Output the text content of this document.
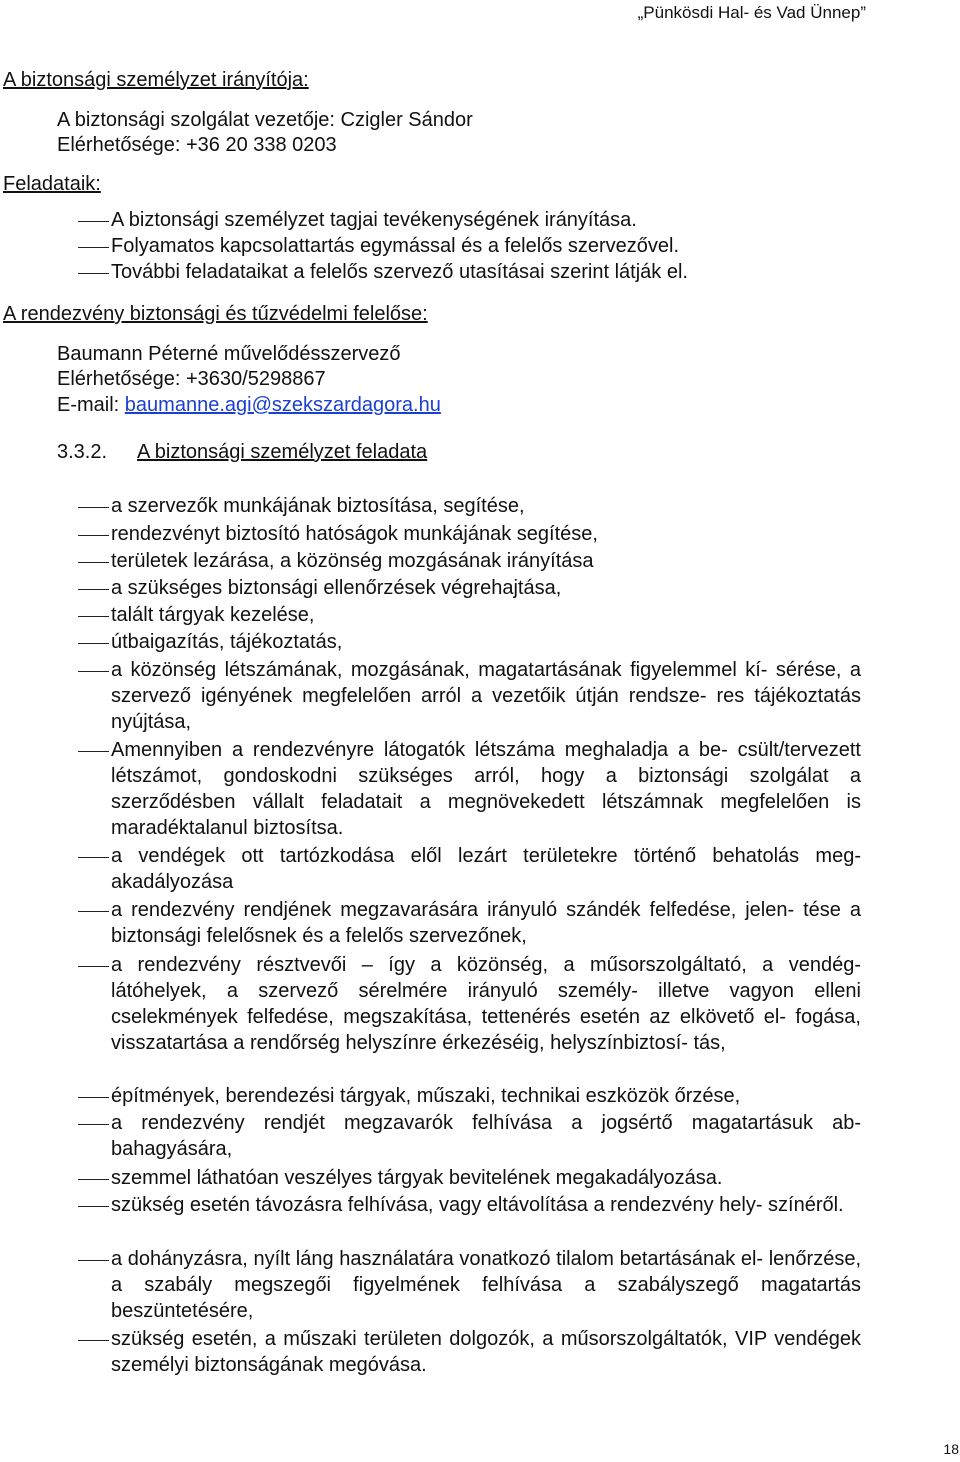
„Pünkösdi Hal- és Vad Ünnep”
A biztonsági személyzet irányítója:
A biztonsági szolgálat vezetője: Czigler Sándor
Elérhetősége: +36 20 338 0203
Feladataik:
A biztonsági személyzet tagjai tevékenységének irányítása.
Folyamatos kapcsolattartás egymással és a felelős szervezővel.
További feladataikat a felelős szervező utasításai szerint látják el.
A rendezvény biztonsági és tűzvédelmi felelőse:
Baumann Péterné művelődésszervező
Elérhetősége: +3630/5298867
E-mail: baumanne.agi@szekszardagora.hu
3.3.2. A biztonsági személyzet feladata
a szervezők munkájának biztosítása, segítése,
rendezvényt biztosító hatóságok munkájának segítése,
területek lezárása, a közönség mozgásának irányítása
a szükséges biztonsági ellenőrzések végrehajtása,
talált tárgyak kezelése,
útbaigazítás, tájékoztatás,
a közönség létszámának, mozgásának, magatartásának figyelemmel kí- sérése, a szervező igényének megfelelően arról a vezetőik útján rendsze- res tájékoztatás nyújtása,
Amennyiben a rendezvényre látogatók létszáma meghaladja a be- csült/tervezett létszámot, gondoskodni szükséges arról, hogy a biztonsági szolgálat a szerződésben vállalt feladatait a megnövekedett létszámnak megfelelően is maradéktalanul biztosítsa.
a vendégek ott tartózkodása elől lezárt területekre történő behatolás meg- akadályozása
a rendezvény rendjének megzavarására irányuló szándék felfedése, jelen- tése a biztonsági felelősnek és a felelős szervezőnek,
a rendezvény résztvevői – így a közönség, a műsorszolgáltató, a vendég- látóhelyek, a szervező sérelmére irányuló személy- illetve vagyon elleni cselekmények felfedése, megszakítása, tettenérés esetén az elkövető el- fogása, visszatartása a rendőrség helyszínre érkezéséig, helyszínbiztosí- tás,
építmények, berendezési tárgyak, műszaki, technikai eszközök őrzése,
a rendezvény rendjét megzavarók felhívása a jogsértő magatartásuk ab- bahagyására,
szemmel láthatóan veszélyes tárgyak bevitelének megakadályozása.
szükség esetén távozásra felhívása, vagy eltávolítása a rendezvény hely- színéről.
a dohányzásra, nyílt láng használatára vonatkozó tilalom betartásának el- lenőrzése, a szabály megszegői figyelmének felhívása a szabályszegő magatartás beszüntetésére,
szükség esetén, a műszaki területen dolgozók, a műsorszolgáltatók, VIP vendégek személyi biztonságának megóvása.
18
